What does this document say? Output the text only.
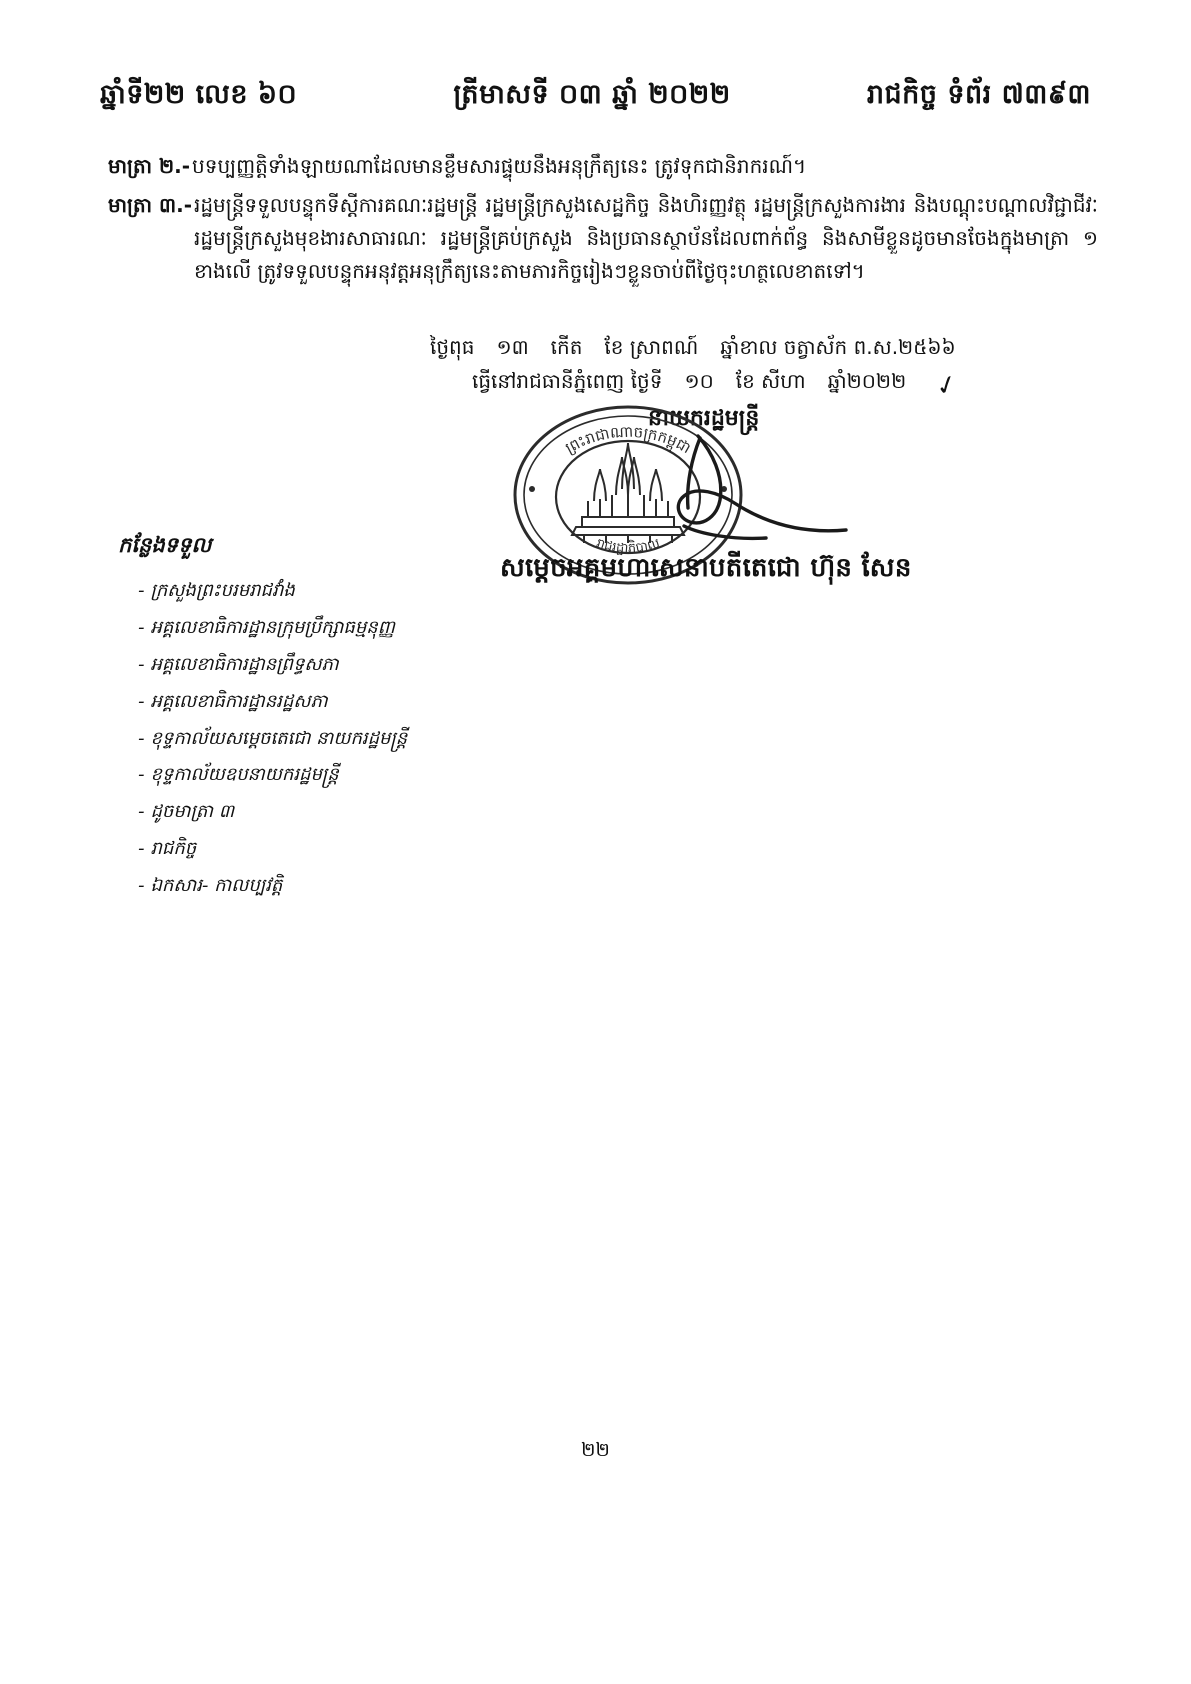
ឆ្នាំទី២២ លេខ ៦០	ត្រីមាសទី ០៣ ឆ្នាំ ២០២២	រាជកិច្ច ទំព័រ ៧៣៩៣
មាត្រា ២.- បទប្បញ្ញត្តិទាំងឡាយណាដែលមានខ្លឹមសារផ្ទុយនឹងអនុក្រឹត្យនេះ ត្រូវទុកជានិរាករណ៍។
មាត្រា ៣.- រដ្ឋមន្ត្រីទទួលបន្ទុកទីស្តីការគណៈរដ្ឋមន្ត្រី រដ្ឋមន្ត្រីក្រសួងសេដ្ឋកិច្ច និងហិរញ្ញវត្ថុ រដ្ឋមន្ត្រីក្រសួងការងារ និងបណ្តុះបណ្តាលវិជ្ជាជីវៈ រដ្ឋមន្ត្រីក្រសួងមុខងារសាធារណៈ រដ្ឋមន្ត្រីគ្រប់ក្រសួង និងប្រធានស្ថាប័នដែលពាក់ព័ន្ធ និងសាមីខ្លួនដូចមានចែងក្នុងមាត្រា ១ ខាងលើ ត្រូវទទួលបន្ទុកអនុវត្តអនុក្រឹត្យនេះតាមភារកិច្ចរៀងៗខ្លួនចាប់ពីថ្ងៃចុះហត្ថលេខាតទៅ។
ថ្ងៃពុធ ១៣ កើត ខែ ស្រាពណ៍ ឆ្នាំខាល ចត្វាស័ក ព.ស.២៥៦៦
ធ្វើនៅរាជធានីភ្នំពេញ ថ្ងៃទី ១០ ខែ សីហា ឆ្នាំ២០២២ ✓
នាយករដ្ឋមន្ត្រី
ព្រះរាជាណាចក្រកម្ពុជា
រាជរដ្ឋាភិបាល
សម្តេចអគ្គមហាសេនាបតីតេជោ ហ៊ុន សែន
កន្លែងទទួល
- ក្រសួងព្រះបរមរាជវាំង
- អគ្គលេខាធិការដ្ឋានក្រុមប្រឹក្សាធម្មនុញ្ញ
- អគ្គលេខាធិការដ្ឋានព្រឹទ្ធសភា
- អគ្គលេខាធិការដ្ឋានរដ្ឋសភា
- ខុទ្ទកាល័យសម្តេចតេជោ នាយករដ្ឋមន្ត្រី
- ខុទ្ទកាល័យឧបនាយករដ្ឋមន្ត្រី
- ដូចមាត្រា ៣
- រាជកិច្ច
- ឯកសារ- កាលប្បវត្តិ
២២
